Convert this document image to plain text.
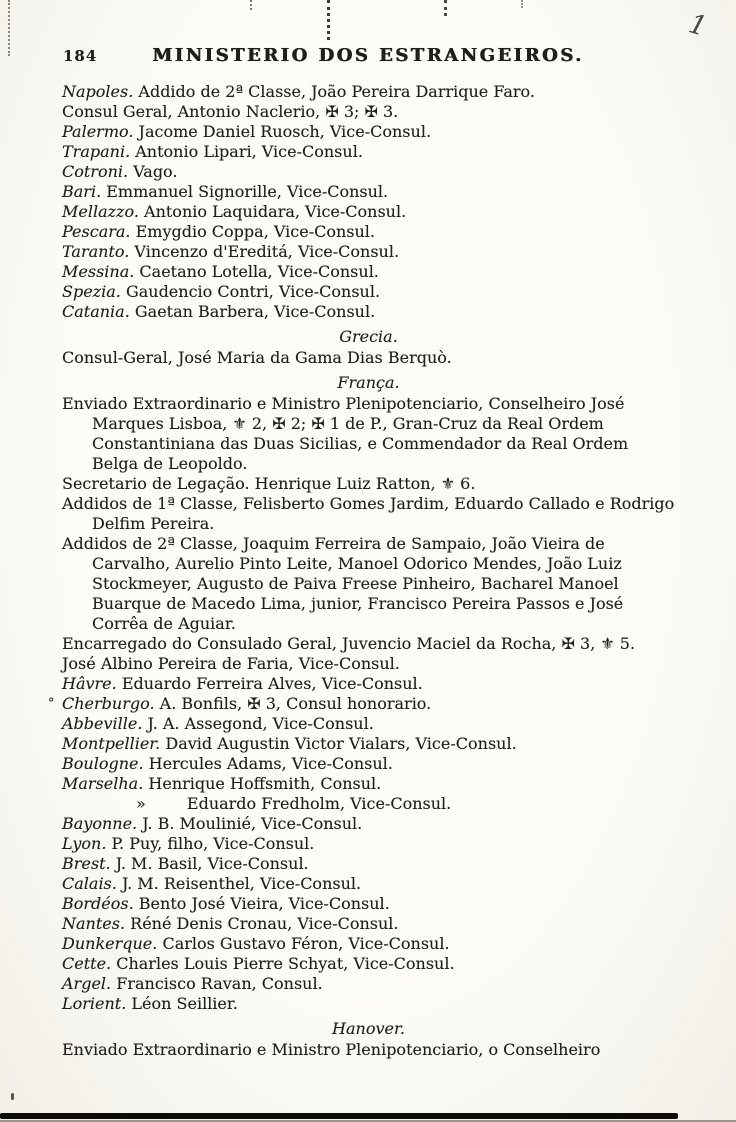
1
184	MINISTERIO DOS ESTRANGEIROS.

Napoles. Addido de 2ª Classe, João Pereira Darrique Faro.

Consul Geral, Antonio Naclerio, ✠ 3; ✠ 3.

Palermo. Jacome Daniel Ruosch, Vice-Consul.

Trapani. Antonio Lipari, Vice-Consul.

Cotroni. Vago.

Bari. Emmanuel Signorille, Vice-Consul.

Mellazzo. Antonio Laquidara, Vice-Consul.

Pescara. Emygdio Coppa, Vice-Consul.

Taranto. Vincenzo d'Ereditá, Vice-Consul.

Messina. Caetano Lotella, Vice-Consul.

Spezia. Gaudencio Contri, Vice-Consul.

Catania. Gaetan Barbera, Vice-Consul.

Grecia.

Consul-Geral, José Maria da Gama Dias Berquò.

França.

Enviado Extraordinario e Ministro Plenipotenciario, Conselheiro José Marques Lisboa, ⚜ 2, ✠ 2; ✠ 1 de P., Gran-Cruz da Real Ordem Constantiniana das Duas Sicilias, e Commendador da Real Ordem Belga de Leopoldo.

Secretario de Legação. Henrique Luiz Ratton, ⚜ 6.

Addidos de 1ª Classe, Felisberto Gomes Jardim, Eduardo Callado e Rodrigo Delfim Pereira.

Addidos de 2ª Classe, Joaquim Ferreira de Sampaio, João Vieira de Carvalho, Aurelio Pinto Leite, Manoel Odorico Mendes, João Luiz Stockmeyer, Augusto de Paiva Freese Pinheiro, Bacharel Manoel Buarque de Macedo Lima, junior, Francisco Pereira Passos e José Corrêa de Aguiar.

Encarregado do Consulado Geral, Juvencio Maciel da Rocha, ✠ 3, ⚜ 5.

José Albino Pereira de Faria, Vice-Consul.

Hâvre. Eduardo Ferreira Alves, Vice-Consul.

Cherburgo. A. Bonfils, ✠ 3, Consul honorario.

Abbeville. J. A. Assegond, Vice-Consul.

Montpellier. David Augustin Victor Vialars, Vice-Consul.

Boulogne. Hercules Adams, Vice-Consul.

Marselha. Henrique Hoffsmith, Consul.

»	Eduardo Fredholm, Vice-Consul.

Bayonne. J. B. Moulinié, Vice-Consul.

Lyon. P. Puy, filho, Vice-Consul.

Brest. J. M. Basil, Vice-Consul.

Calais. J. M. Reisenthel, Vice-Consul.

Bordéos. Bento José Vieira, Vice-Consul.

Nantes. Réné Denis Cronau, Vice-Consul.

Dunkerque. Carlos Gustavo Féron, Vice-Consul.

Cette. Charles Louis Pierre Schyat, Vice-Consul.

Argel. Francisco Ravan, Consul.

Lorient. Léon Seillier.

Hanover.

Enviado Extraordinario e Ministro Plenipotenciario, o Conselheiro

°
